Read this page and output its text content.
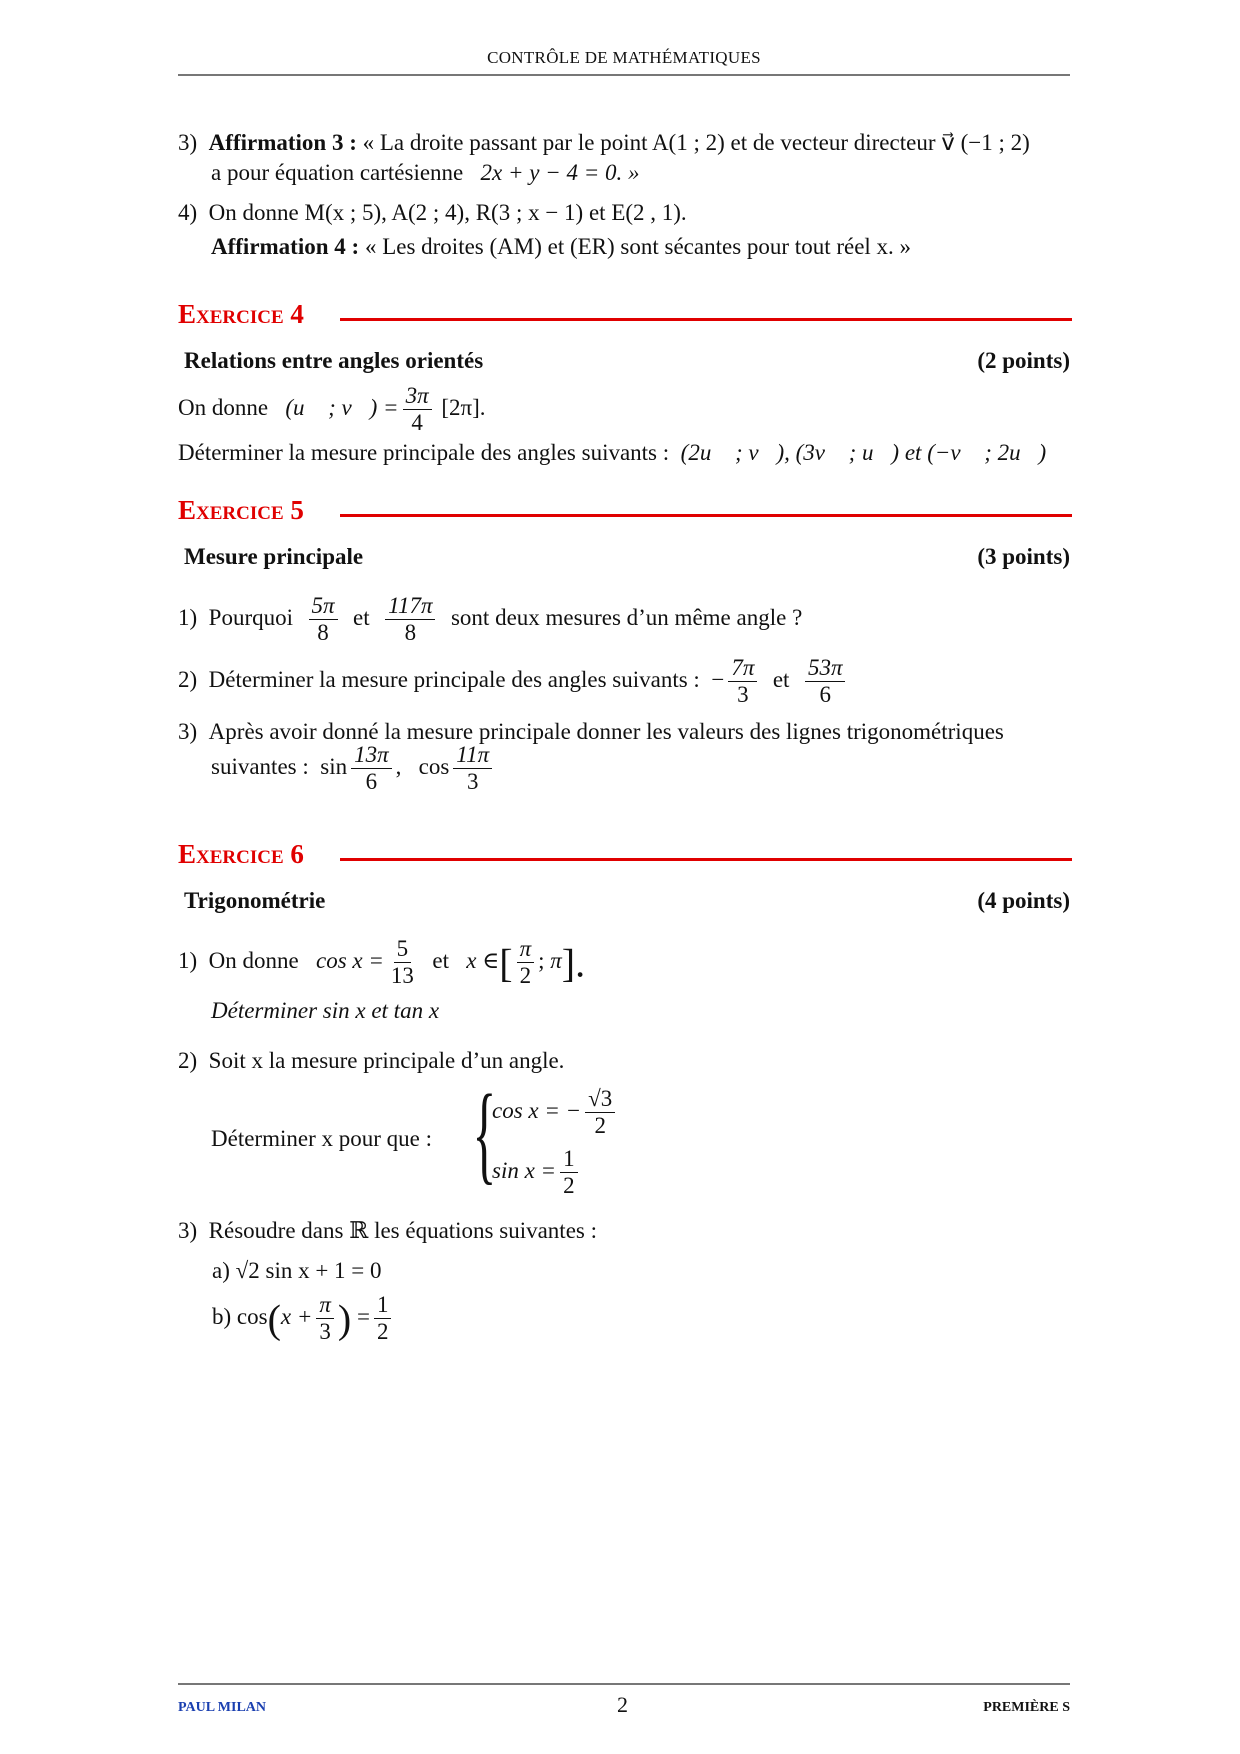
CONTRÔLE DE MATHÉMATIQUES
3) Affirmation 3 : « La droite passant par le point A(1 ; 2) et de vecteur directeur v⃗ (−1 ; 2)
a pour équation cartésienne 2x + y − 4 = 0. »
4) On donne M(x ; 5), A(2 ; 4), R(3 ; x − 1) et E(2 , 1).
Affirmation 4 : « Les droites (AM) et (ER) sont sécantes pour tout réel x. »
Exercice 4
Relations entre angles orientés	(2 points)
On donne (u⃗ ; v⃗) = $\frac{3\pi}{4} [2\pi]$.
Déterminer la mesure principale des angles suivants : (2u⃗ ; v⃗), (3v⃗ ; u⃗) et (−v⃗ ; 2u⃗)
Exercice 5
Mesure principale	(3 points)
1) Pourquoi $\frac{5\pi}{8}$ et $\frac{117\pi}{8}$ sont deux mesures d’un même angle ?
2) Déterminer la mesure principale des angles suivants : − $\frac{7\pi}{3}$ et $\frac{53\pi}{6}$
3) Après avoir donné la mesure principale donner les valeurs des lignes trigonométriques
suivantes : $\sin \frac{13\pi}{6}$ , $\cos \frac{11\pi}{3}$
Exercice 6
Trigonométrie	(4 points)
1) On donne $\cos x = \frac{5}{13}$ et x ∈[ $\frac{\pi}{2}$ ; π].
Déterminer sin x et tan x
2) Soit x la mesure principale d’un angle.
Déterminer x pour que : {
cos x = − $\frac{√3}{2}$
$\sin x = \frac{1}{2}$
3) Résoudre dans ℝ les équations suivantes :
a) √2 sin x + 1 = 0
b) $\cos(x + \frac{\pi}{3}$ ) = $\frac{1}{2}$
PAUL MILAN	2	PREMIÈRE S
